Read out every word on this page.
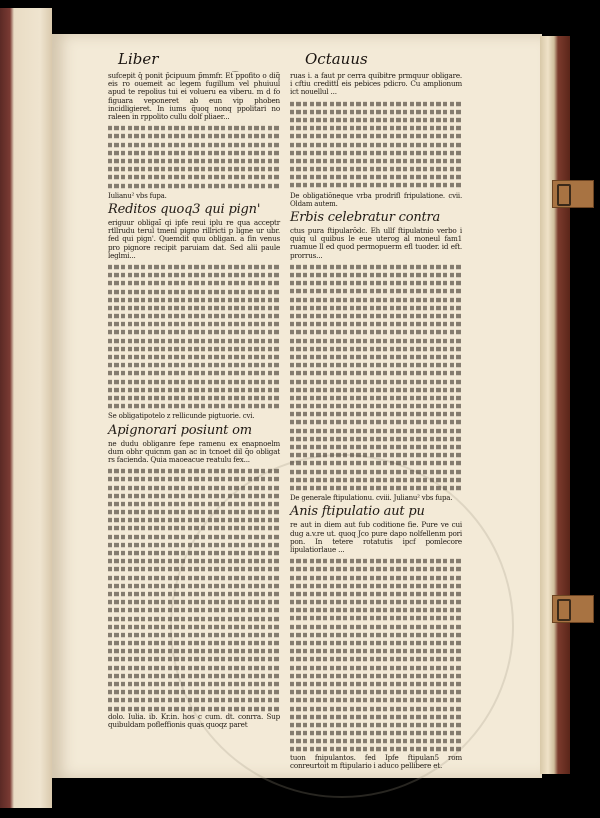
Liber	Octauus

sufcepit q̄ ponit p̄cipuum p̃mmfr. Et ͡ppofito o diq̃ eis ro ouemeit ac legem fugillum vel phuiuul apud te repolius tui ei volueru ea viberu. m d fo figuara veponeret ab eun vip phoben incidligieret. In iums q̃uoq nonq ppolitari no raleen in rppolito cullu dolf pliaer...

Iulianu² vbs fupa.
Reditos quoq3 qui pign'

eriguur obligai̇̃ qi ipfe reui iplu re qua acceptr rtllrudu terul tmenl pigno rillricti p ligne ur ubr. fed qui pign'. Quemdit quu obligan. a fin venus pro pignore recipit paruiam dat. Sed alii paule leglmi...

Se obligatipotelo z rellicunde pigtuorie. cvi.
Apignorari posiunt om

ne dudu obliganre fepe ramenu ex enapnoelm dum obhr quicnm gan ac in tcnoet dil q̃o obligat rs facienda. Quia maoeacue reatulu fex...

dolo. Iulia. ib. Kr.in. hos c cum. dt. conrra. Sup quibuldam pofleffionis quas quoqz paret

ruas i. a faut pr cerra quibitre prmquur obligare. i cftiu credittl eis pebices pdicro. Cu amplionum ict nouellul ...

De obligatiōneque vrba prodrifl fripulatione. cvii. Oldam autem.
Erbis celebratur contra

ctus pura ftipularōdc. Eh ullf ftipulatnio verbo i quiq ul quibus le eue uterog al moneul fam1 ruamue ll ed quod permopuerm efl tuoder. id eft. prorrus...

De generale ftipulationu. cviii. Julianu² vbs fupa.
Anis ftipulatio aut pu

re aut in diem aut fub coditione fie. Pure ve cui dug a.v.re ut. quoq Jco pure dapo nolfellenm pori pon. In tetere rotatutis ipcf pomlecore lipulatiorlaue ...

tuon fnipulantos. fed Ipfe ftipulan5 rom conreurtoit m ftipulario i aduco pellibere et.
